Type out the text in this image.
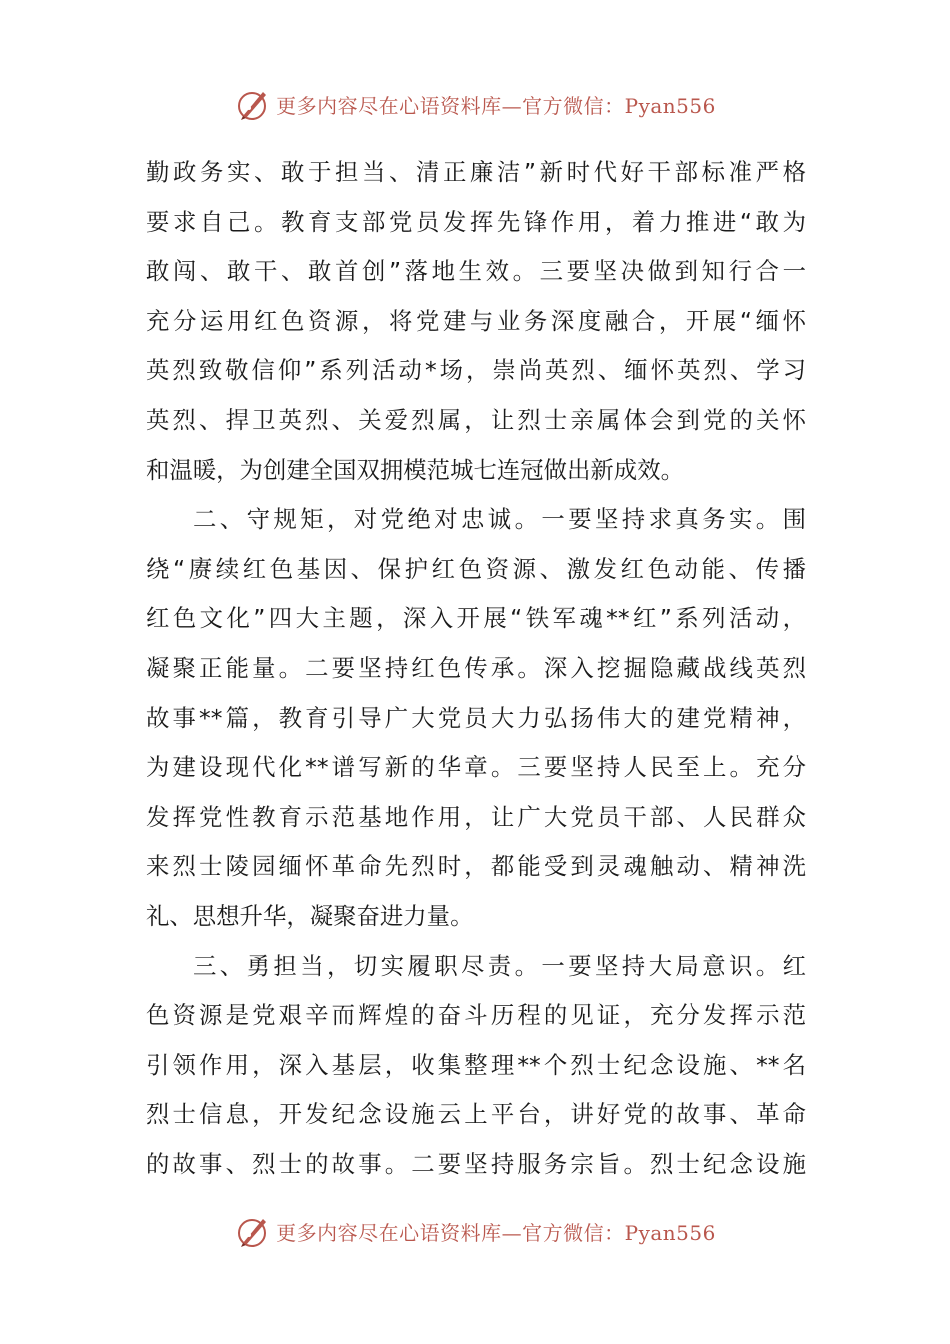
更多内容尽在心语资料库—官方微信：Pyan556
勤政务实、敢于担当、清正廉洁”新时代好干部标准严格
要求自己。教育支部党员发挥先锋作用，着力推进“敢为
敢闯、敢干、敢首创”落地生效。三要坚决做到知行合一
充分运用红色资源，将党建与业务深度融合，开展“缅怀
英烈致敬信仰”系列活动*场，崇尚英烈、缅怀英烈、学习
英烈、捍卫英烈、关爱烈属，让烈士亲属体会到党的关怀
和温暖，为创建全国双拥模范城七连冠做出新成效。
二、守规矩，对党绝对忠诚。一要坚持求真务实。围
绕“赓续红色基因、保护红色资源、激发红色动能、传播
红色文化”四大主题，深入开展“铁军魂**红”系列活动，
凝聚正能量。二要坚持红色传承。深入挖掘隐藏战线英烈
故事**篇，教育引导广大党员大力弘扬伟大的建党精神，
为建设现代化**谱写新的华章。三要坚持人民至上。充分
发挥党性教育示范基地作用，让广大党员干部、人民群众
来烈士陵园缅怀革命先烈时，都能受到灵魂触动、精神洗
礼、思想升华，凝聚奋进力量。
三、勇担当，切实履职尽责。一要坚持大局意识。红
色资源是党艰辛而辉煌的奋斗历程的见证，充分发挥示范
引领作用，深入基层，收集整理**个烈士纪念设施、**名
烈士信息，开发纪念设施云上平台，讲好党的故事、革命
的故事、烈士的故事。二要坚持服务宗旨。烈士纪念设施
更多内容尽在心语资料库—官方微信：Pyan556
